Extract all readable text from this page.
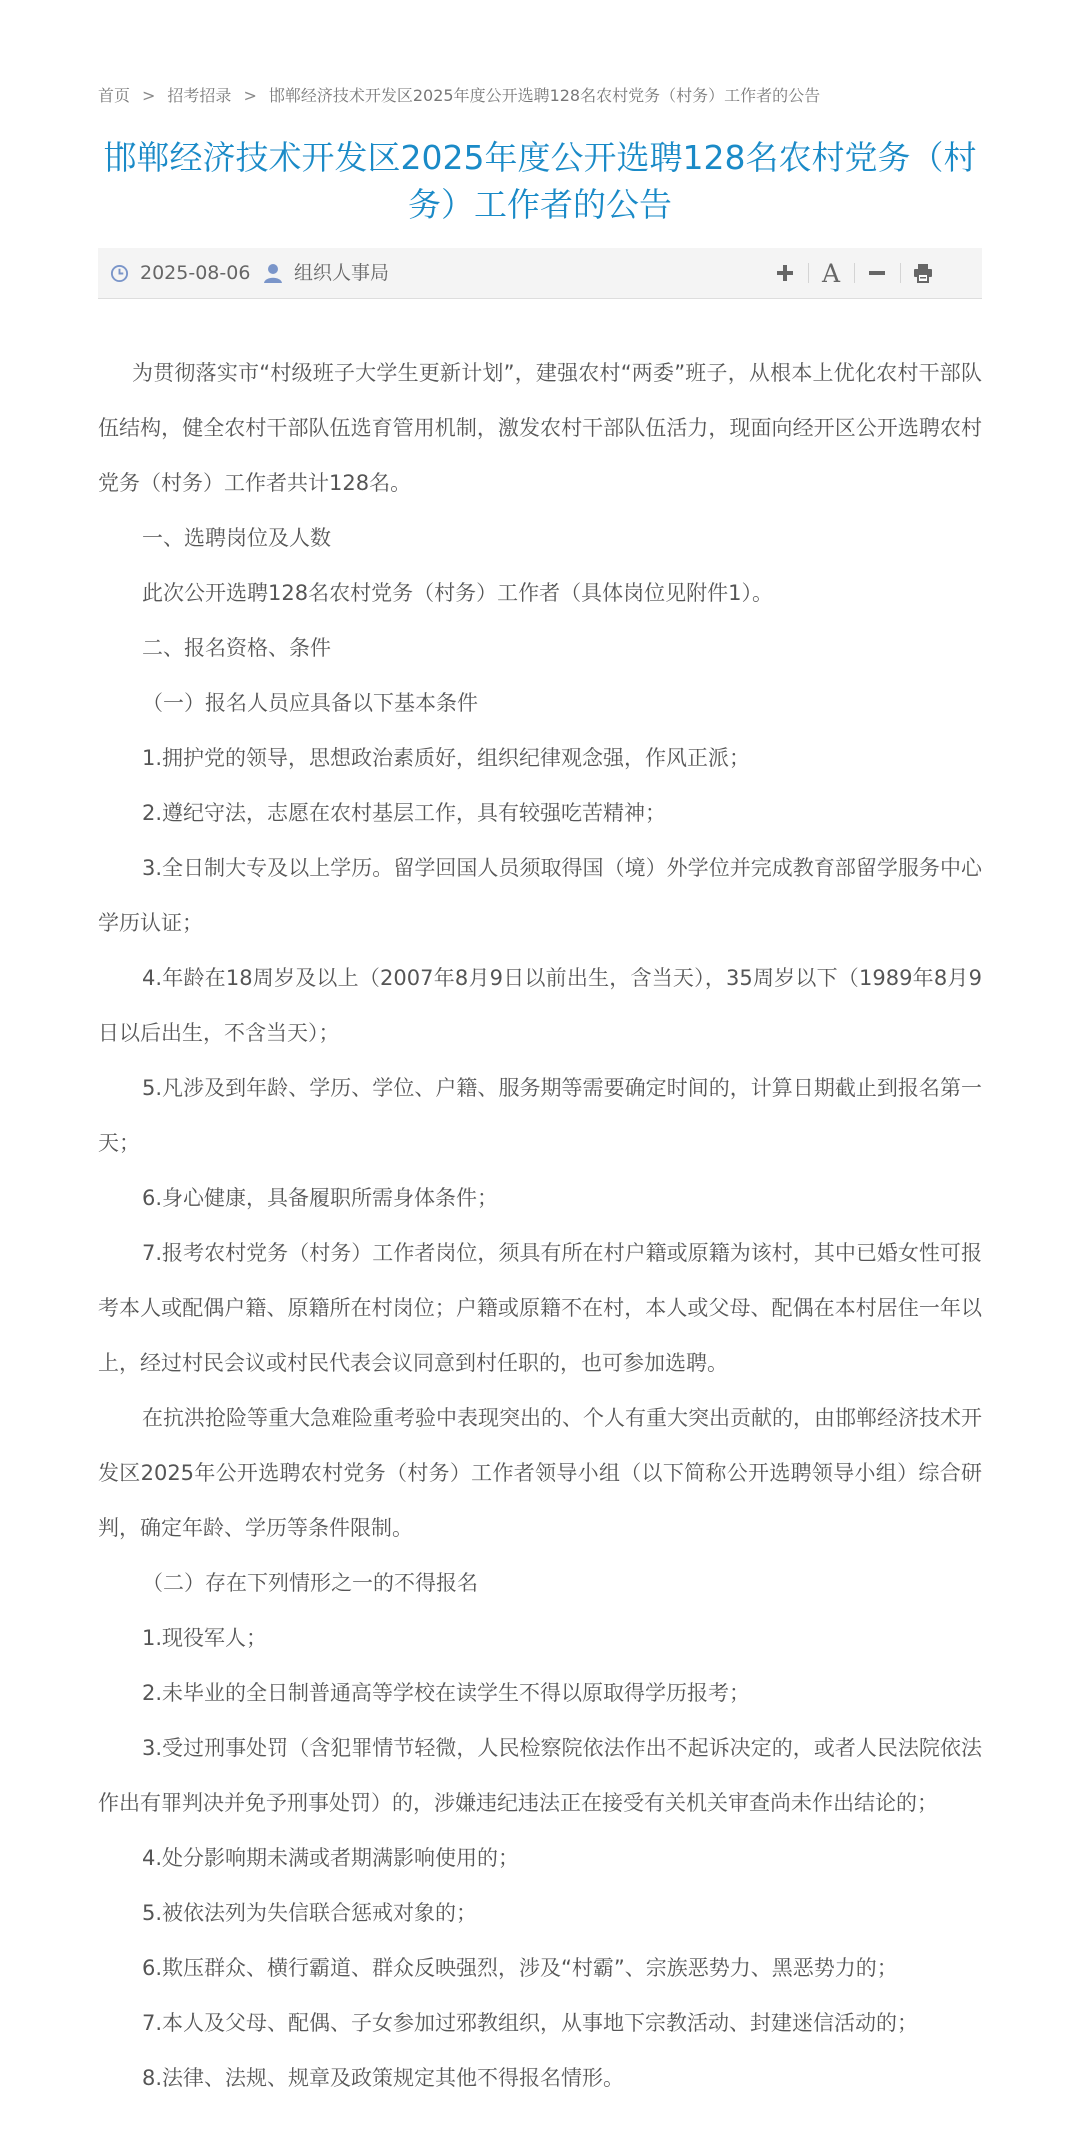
首页 > 招考招录 > 邯郸经济技术开发区2025年度公开选聘128名农村党务（村务）工作者的公告
邯郸经济技术开发区2025年度公开选聘128名农村党务（村务）工作者的公告
2025-08-06 组织人事局	A

为贯彻落实市“村级班子大学生更新计划”，建强农村“两委”班子，从根本上优化农村干部队伍结构，健全农村干部队伍选育管用机制，激发农村干部队伍活力，现面向经开区公开选聘农村党务（村务）工作者共计128名。

一、选聘岗位及人数

此次公开选聘128名农村党务（村务）工作者（具体岗位见附件1）。

二、报名资格、条件

（一）报名人员应具备以下基本条件

1.拥护党的领导，思想政治素质好，组织纪律观念强，作风正派；

2.遵纪守法，志愿在农村基层工作，具有较强吃苦精神；

3.全日制大专及以上学历。留学回国人员须取得国（境）外学位并完成教育部留学服务中心学历认证；

4.年龄在18周岁及以上（2007年8月9日以前出生，含当天），35周岁以下（1989年8月9日以后出生，不含当天）；

5.凡涉及到年龄、学历、学位、户籍、服务期等需要确定时间的，计算日期截止到报名第一天；

6.身心健康，具备履职所需身体条件；

7.报考农村党务（村务）工作者岗位，须具有所在村户籍或原籍为该村，其中已婚女性可报考本人或配偶户籍、原籍所在村岗位；户籍或原籍不在村，本人或父母、配偶在本村居住一年以上，经过村民会议或村民代表会议同意到村任职的，也可参加选聘。

在抗洪抢险等重大急难险重考验中表现突出的、个人有重大突出贡献的，由邯郸经济技术开发区2025年公开选聘农村党务（村务）工作者领导小组（以下简称公开选聘领导小组）综合研判，确定年龄、学历等条件限制。

（二）存在下列情形之一的不得报名

1.现役军人；

2.未毕业的全日制普通高等学校在读学生不得以原取得学历报考；

3.受过刑事处罚（含犯罪情节轻微，人民检察院依法作出不起诉决定的，或者人民法院依法作出有罪判决并免予刑事处罚）的，涉嫌违纪违法正在接受有关机关审查尚未作出结论的；

4.处分影响期未满或者期满影响使用的；

5.被依法列为失信联合惩戒对象的；

6.欺压群众、横行霸道、群众反映强烈，涉及“村霸”、宗族恶势力、黑恶势力的；

7.本人及父母、配偶、子女参加过邪教组织，从事地下宗教活动、封建迷信活动的；

8.法律、法规、规章及政策规定其他不得报名情形。
